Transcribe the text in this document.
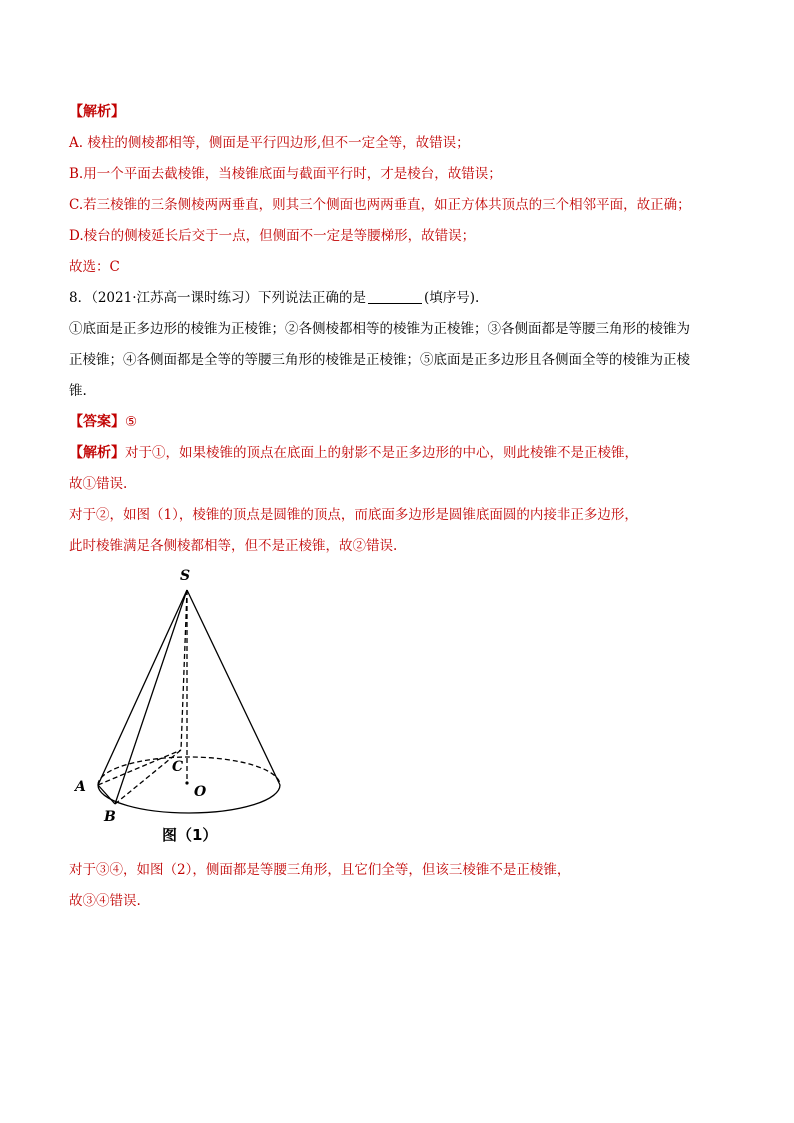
【解析】
A. 棱柱的侧棱都相等，侧面是平行四边形,但不一定全等，故错误；
B.用一个平面去截棱锥，当棱锥底面与截面平行时，才是棱台，故错误；
C.若三棱锥的三条侧棱两两垂直，则其三个侧面也两两垂直，如正方体共顶点的三个相邻平面，故正确；
D.棱台的侧棱延长后交于一点，但侧面不一定是等腰梯形，故错误；
故选：C
8．（2021·江苏高一课时练习）下列说法正确的是	(填序号).
①底面是正多边形的棱锥为正棱锥；②各侧棱都相等的棱锥为正棱锥；③各侧面都是等腰三角形的棱锥为
正棱锥；④各侧面都是全等的等腰三角形的棱锥是正棱锥；⑤底面是正多边形且各侧面全等的棱锥为正棱
锥.
【答案】⑤
【解析】对于①，如果棱锥的顶点在底面上的射影不是正多边形的中心，则此棱锥不是正棱锥，
故①错误.
对于②，如图（1），棱锥的顶点是圆锥的顶点，而底面多边形是圆锥底面圆的内接非正多边形，
此时棱锥满足各侧棱都相等，但不是正棱锥，故②错误.
S
A
B
C
O
图（1）
对于③④，如图（2），侧面都是等腰三角形，且它们全等，但该三棱锥不是正棱锥，
故③④错误.
